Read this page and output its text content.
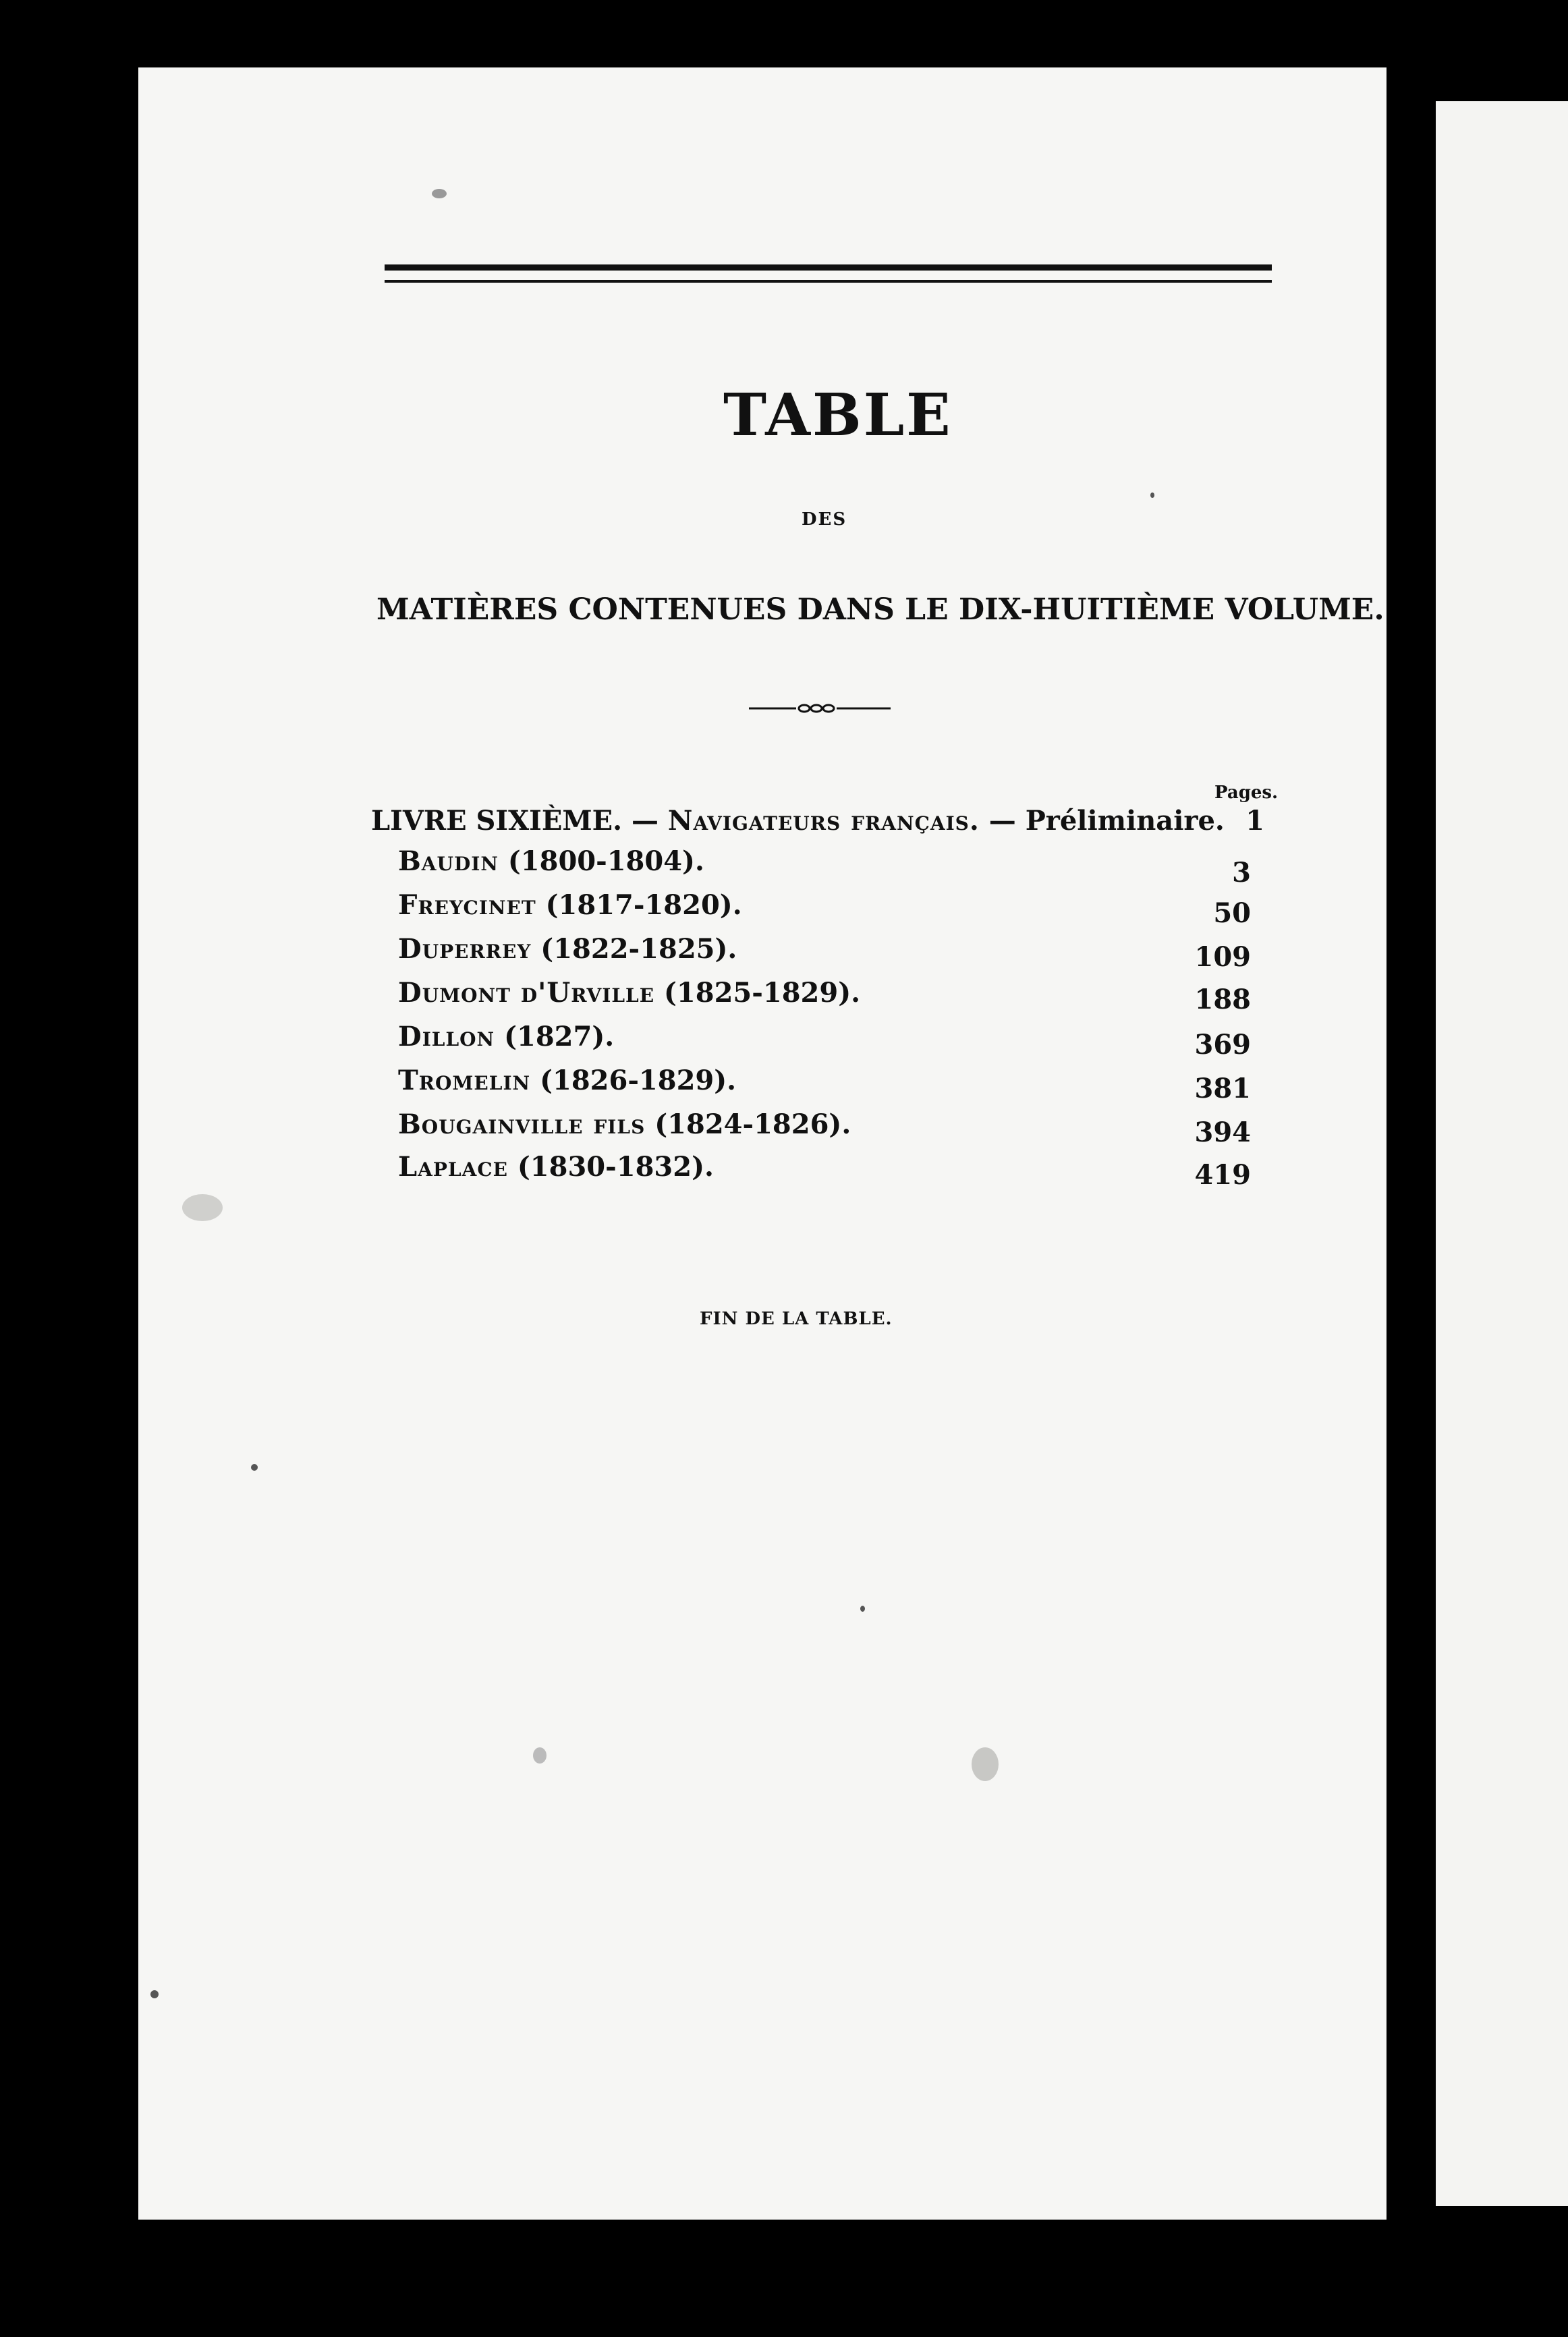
TABLE
DES
MATIÈRES CONTENUES DANS LE DIX-HUITIÈME VOLUME.
Pages.
LIVRE SIXIÈME. — Navigateurs français. — Préliminaire. 1
Baudin (1800-1804).	3
Freycinet (1817-1820).	50
Duperrey (1822-1825).	109
Dumont d'Urville (1825-1829).	188
Dillon (1827).	369
Tromelin (1826-1829).	381
Bougainville fils (1824-1826).	394
Laplace (1830-1832).	419
FIN DE LA TABLE.
